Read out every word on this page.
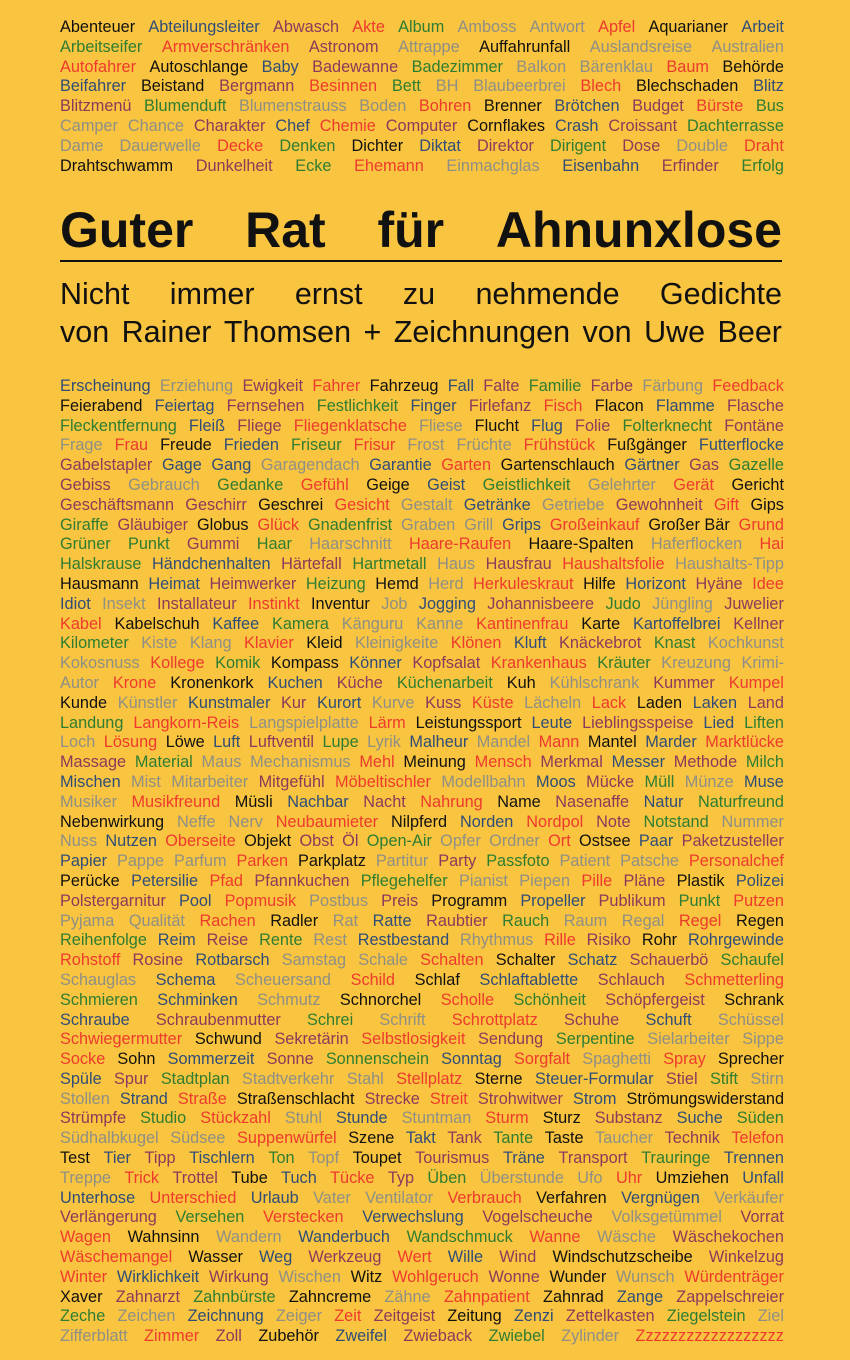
Abenteuer Abteilungsleiter Abwasch Akte Album Amboss Antwort Apfel Aquarianer Arbeit
Arbeitseifer Armverschränken Astronom Attrappe Auffahrunfall Auslandsreise Australien
Autofahrer Autoschlange Baby Badewanne Badezimmer Balkon Bärenklau Baum Behörde
Beifahrer Beistand Bergmann Besinnen Bett BH Blaubeerbrei Blech Blechschaden Blitz
Blitzmenü Blumenduft Blumenstrauss Boden Bohren Brenner Brötchen Budget Bürste Bus
Camper Chance Charakter Chef Chemie Computer Cornflakes Crash Croissant Dachterrasse
Dame Dauerwelle Decke Denken Dichter Diktat Direktor Dirigent Dose Double Draht
Drahtschwamm Dunkelheit Ecke Ehemann Einmachglas Eisenbahn Erfinder Erfolg
Guter Rat für Ahnunxlose
Nicht immer ernst zu nehmende Gedichte
von Rainer Thomsen + Zeichnungen von Uwe Beer
Erscheinung Erziehung Ewigkeit Fahrer Fahrzeug Fall Falte Familie Farbe Färbung Feedback
Feierabend Feiertag Fernsehen Festlichkeit Finger Firlefanz Fisch Flacon Flamme Flasche
Fleckentfernung Fleiß Fliege Fliegenklatsche Fliese Flucht Flug Folie Folterknecht Fontäne
Frage Frau Freude Frieden Friseur Frisur Frost Früchte Frühstück Fußgänger Futterflocke
Gabelstapler Gage Gang Garagendach Garantie Garten Gartenschlauch Gärtner Gas Gazelle
Gebiss Gebrauch Gedanke Gefühl Geige Geist Geistlichkeit Gelehrter Gerät Gericht
Geschäftsmann Geschirr Geschrei Gesicht Gestalt Getränke Getriebe Gewohnheit Gift Gips
Giraffe Gläubiger Globus Glück Gnadenfrist Graben Grill Grips Großeinkauf Großer Bär Grund
Grüner Punkt Gummi Haar Haarschnitt Haare-Raufen Haare-Spalten Haferflocken Hai
Halskrause Händchenhalten Härtefall Hartmetall Haus Hausfrau Haushaltsfolie Haushalts-Tipp
Hausmann Heimat Heimwerker Heizung Hemd Herd Herkuleskraut Hilfe Horizont Hyäne Idee
Idiot Insekt Installateur Instinkt Inventur Job Jogging Johannisbeere Judo Jüngling Juwelier
Kabel Kabelschuh Kaffee Kamera Känguru Kanne Kantinenfrau Karte Kartoffelbrei Kellner
Kilometer Kiste Klang Klavier Kleid Kleinigkeite Klönen Kluft Knäckebrot Knast Kochkunst
Kokosnuss Kollege Komik Kompass Könner Kopfsalat Krankenhaus Kräuter Kreuzung Krimi-
Autor Krone Kronenkork Kuchen Küche Küchenarbeit Kuh Kühlschrank Kummer Kumpel
Kunde Künstler Kunstmaler Kur Kurort Kurve Kuss Küste Lächeln Lack Laden Laken Land
Landung Langkorn-Reis Langspielplatte Lärm Leistungssport Leute Lieblingsspeise Lied Liften
Loch Lösung Löwe Luft Luftventil Lupe Lyrik Malheur Mandel Mann Mantel Marder Marktlücke
Massage Material Maus Mechanismus Mehl Meinung Mensch Merkmal Messer Methode Milch
Mischen Mist Mitarbeiter Mitgefühl Möbeltischler Modellbahn Moos Mücke Müll Münze Muse
Musiker Musikfreund Müsli Nachbar Nacht Nahrung Name Nasenaffe Natur Naturfreund
Nebenwirkung Neffe Nerv Neubaumieter Nilpferd Norden Nordpol Note Notstand Nummer
Nuss Nutzen Oberseite Objekt Obst Öl Open-Air Opfer Ordner Ort Ostsee Paar Paketzusteller
Papier Pappe Parfum Parken Parkplatz Partitur Party Passfoto Patient Patsche Personalchef
Perücke Petersilie Pfad Pfannkuchen Pflegehelfer Pianist Piepen Pille Pläne Plastik Polizei
Polstergarnitur Pool Popmusik Postbus Preis Programm Propeller Publikum Punkt Putzen
Pyjama Qualität Rachen Radler Rat Ratte Raubtier Rauch Raum Regal Regel Regen
Reihenfolge Reim Reise Rente Rest Restbestand Rhythmus Rille Risiko Rohr Rohrgewinde
Rohstoff Rosine Rotbarsch Samstag Schale Schalten Schalter Schatz Schauerbö Schaufel
Schauglas Schema Scheuersand Schild Schlaf Schlaftablette Schlauch Schmetterling
Schmieren Schminken Schmutz Schnorchel Scholle Schönheit Schöpfergeist Schrank
Schraube Schraubenmutter Schrei Schrift Schrottplatz Schuhe Schuft Schüssel
Schwiegermutter Schwund Sekretärin Selbstlosigkeit Sendung Serpentine Sielarbeiter Sippe
Socke Sohn Sommerzeit Sonne Sonnenschein Sonntag Sorgfalt Spaghetti Spray Sprecher
Spüle Spur Stadtplan Stadtverkehr Stahl Stellplatz Sterne Steuer-Formular Stiel Stift Stirn
Stollen Strand Straße Straßenschlacht Strecke Streit Strohwitwer Strom Strömungswiderstand
Strümpfe Studio Stückzahl Stuhl Stunde Stuntman Sturm Sturz Substanz Suche Süden
Südhalbkugel Südsee Suppenwürfel Szene Takt Tank Tante Taste Taucher Technik Telefon
Test Tier Tipp Tischlern Ton Topf Toupet Tourismus Träne Transport Trauringe Trennen
Treppe Trick Trottel Tube Tuch Tücke Typ Üben Überstunde Ufo Uhr Umziehen Unfall
Unterhose Unterschied Urlaub Vater Ventilator Verbrauch Verfahren Vergnügen Verkäufer
Verlängerung Versehen Verstecken Verwechslung Vogelscheuche Volksgetümmel Vorrat
Wagen Wahnsinn Wandern Wanderbuch Wandschmuck Wanne Wäsche Wäschekochen
Wäschemangel Wasser Weg Werkzeug Wert Wille Wind Windschutzscheibe Winkelzug
Winter Wirklichkeit Wirkung Wischen Witz Wohlgeruch Wonne Wunder Wunsch Würdenträger
Xaver Zahnarzt Zahnbürste Zahncreme Zähne Zahnpatient Zahnrad Zange Zappelschreier
Zeche Zeichen Zeichnung Zeiger Zeit Zeitgeist Zeitung Zenzi Zettelkasten Ziegelstein Ziel
Zifferblatt Zimmer Zoll Zubehör Zweifel Zwieback Zwiebel Zylinder Zzzzzzzzzzzzzzzzzz
